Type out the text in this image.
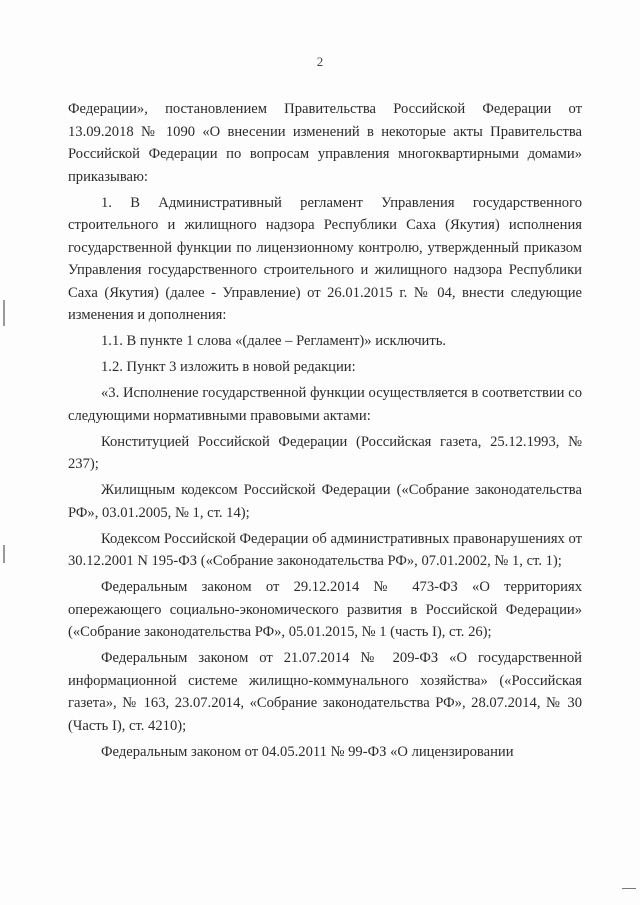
2

Федерации», постановлением Правительства Российской Федерации от 13.09.2018 № 1090 «О внесении изменений в некоторые акты Правительства Российской Федерации по вопросам управления многоквартирными домами» приказываю:

1. В Административный регламент Управления государственного строительного и жилищного надзора Республики Саха (Якутия) исполнения государственной функции по лицензионному контролю, утвержденный приказом Управления государственного строительного и жилищного надзора Республики Саха (Якутия) (далее - Управление) от 26.01.2015 г. № 04, внести следующие изменения и дополнения:

1.1. В пункте 1 слова «(далее – Регламент)» исключить.

1.2. Пункт 3 изложить в новой редакции:

«3. Исполнение государственной функции осуществляется в соответствии со следующими нормативными правовыми актами:

Конституцией Российской Федерации (Российская газета, 25.12.1993, № 237);

Жилищным кодексом Российской Федерации («Собрание законодательства РФ», 03.01.2005, № 1, ст. 14);

Кодексом Российской Федерации об административных правонарушениях от 30.12.2001 N 195-ФЗ («Собрание законодательства РФ», 07.01.2002, № 1, ст. 1);

Федеральным законом от 29.12.2014 № 473-ФЗ «О территориях опережающего социально-экономического развития в Российской Федерации» («Собрание законодательства РФ», 05.01.2015, № 1 (часть I), ст. 26);

Федеральным законом от 21.07.2014 № 209-ФЗ «О государственной информационной системе жилищно-коммунального хозяйства» («Российская газета», № 163, 23.07.2014, «Собрание законодательства РФ», 28.07.2014, № 30 (Часть I), ст. 4210);

Федеральным законом от 04.05.2011 № 99-ФЗ «О лицензировании
